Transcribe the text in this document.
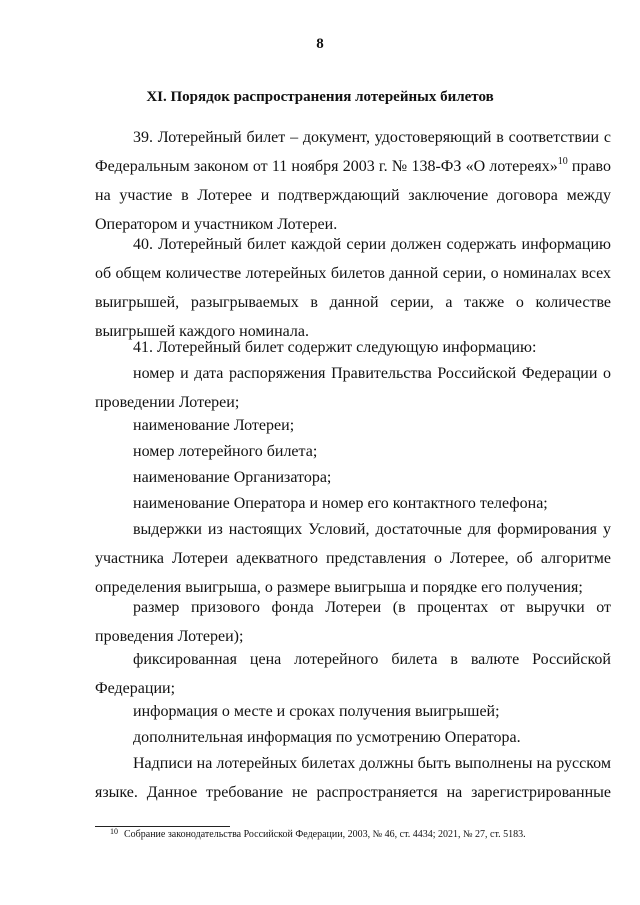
8
XI. Порядок распространения лотерейных билетов

39. Лотерейный билет – документ, удостоверяющий в соответствии с Федеральным законом от 11 ноября 2003 г. № 138-ФЗ «О лотереях»$^{10}$ право на участие в Лотерее и подтверждающий заключение договора между Оператором и участником Лотереи.

40. Лотерейный билет каждой серии должен содержать информацию об общем количестве лотерейных билетов данной серии, о номиналах всех выигрышей, разыгрываемых в данной серии, а также о количестве выигрышей каждого номинала.

41. Лотерейный билет содержит следующую информацию:

номер и дата распоряжения Правительства Российской Федерации о проведении Лотереи;

наименование Лотереи;

номер лотерейного билета;

наименование Организатора;

наименование Оператора и номер его контактного телефона;

выдержки из настоящих Условий, достаточные для формирования у участника Лотереи адекватного представления о Лотерее, об алгоритме определения выигрыша, о размере выигрыша и порядке его получения;

размер призового фонда Лотереи (в процентах от выручки от проведения Лотереи);

фиксированная цена лотерейного билета в валюте Российской Федерации;

информация о месте и сроках получения выигрышей;

дополнительная информация по усмотрению Оператора.

Надписи на лотерейных билетах должны быть выполнены на русском языке. Данное требование не распространяется на зарегистрированные

$^{10}$ Собрание законодательства Российской Федерации, 2003, № 46, ст. 4434; 2021, № 27, ст. 5183.
